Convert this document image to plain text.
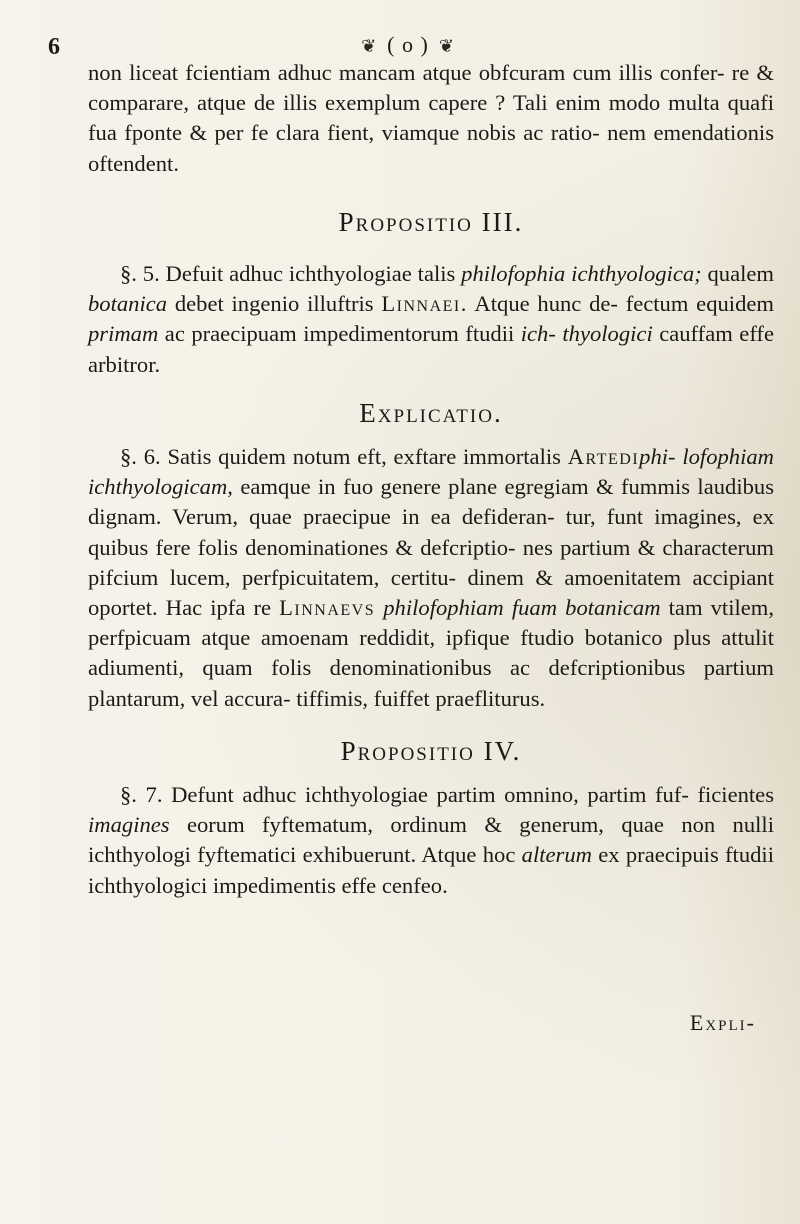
6	❦ ( o ) ❦

non liceat fcientiam adhuc mancam atque obfcuram cum illis confer- re & comparare, atque de illis exemplum capere ? Tali enim modo multa quafi fua fponte & per fe clara fient, viamque nobis ac ratio- nem emendationis oftendent.

Propositio III.

§. 5. Defuit adhuc ichthyologiae talis philofophia ichthyologica; qualem botanica debet ingenio illuftris Linnaei. Atque hunc de- fectum equidem primam ac praecipuam impedimentorum ftudii ich- thyologici cauffam effe arbitror.

Explicatio.

§. 6. Satis quidem notum eft, exftare immortalis Artediphi- lofophiam ichthyologicam, eamque in fuo genere plane egregiam & fummis laudibus dignam. Verum, quae praecipue in ea defideran- tur, funt imagines, ex quibus fere folis denominationes & defcriptio- nes partium & characterum pifcium lucem, perfpicuitatem, certitu- dinem & amoenitatem accipiant oportet. Hac ipfa re Linnaevs philofophiam fuam botanicam tam vtilem, perfpicuam atque amoenam reddidit, ipfique ftudio botanico plus attulit adiumenti, quam folis denominationibus ac defcriptionibus partium plantarum, vel accura- tiffimis, fuiffet praefliturus.

Propositio IV.

§. 7. Defunt adhuc ichthyologiae partim omnino, partim fuf- ficientes imagines eorum fyftematum, ordinum & generum, quae non nulli ichthyologi fyftematici exhibuerunt. Atque hoc alterum ex praecipuis ftudii ichthyologici impedimentis effe cenfeo.

Expli-
